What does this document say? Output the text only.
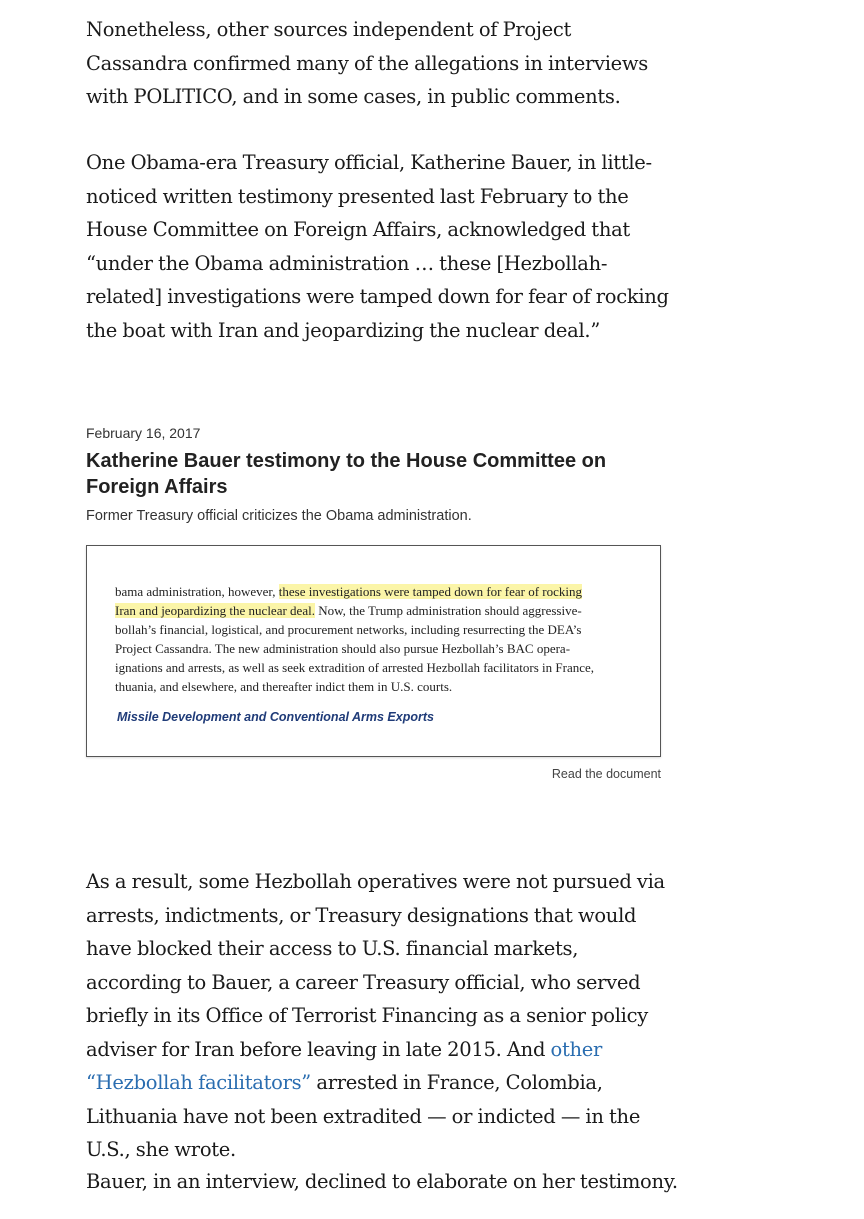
Nonetheless, other sources independent of Project Cassandra confirmed many of the allegations in interviews with POLITICO, and in some cases, in public comments.

One Obama-era Treasury official, Katherine Bauer, in little-noticed written testimony presented last February to the House Committee on Foreign Affairs, acknowledged that “under the Obama administration … these [Hezbollah-related] investigations were tamped down for fear of rocking the boat with Iran and jeopardizing the nuclear deal.”

February 16, 2017

Katherine Bauer testimony to the House Committee on Foreign Affairs

Former Treasury official criticizes the Obama administration.

bama administration, however, these investigations were tamped down for fear of rocking
Iran and jeopardizing the nuclear deal. Now, the Trump administration should aggressive-
bollah’s financial, logistical, and procurement networks, including resurrecting the DEA’s
Project Cassandra. The new administration should also pursue Hezbollah’s BAC opera-
ignations and arrests, as well as seek extradition of arrested Hezbollah facilitators in France,
thuania, and elsewhere, and thereafter indict them in U.S. courts.

Missile Development and Conventional Arms Exports

Read the document

As a result, some Hezbollah operatives were not pursued via arrests, indictments, or Treasury designations that would have blocked their access to U.S. financial markets, according to Bauer, a career Treasury official, who served briefly in its Office of Terrorist Financing as a senior policy adviser for Iran before leaving in late 2015. And other “Hezbollah facilitators” arrested in France, Colombia, Lithuania have not been extradited — or indicted — in the U.S., she wrote.

Bauer, in an interview, declined to elaborate on her testimony.
